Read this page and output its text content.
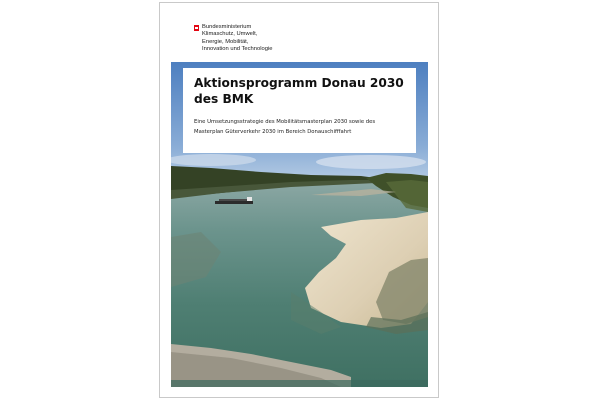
Bundesministerium
Klimaschutz, Umwelt,
Energie, Mobilität,
Innovation und Technologie
Aktionsprogramm Donau 2030
des BMK
Eine Umsetzungsstrategie des Mobilitätsmasterplan 2030 sowie des
Masterplan Güterverkehr 2030 im Bereich Donauschifffahrt
